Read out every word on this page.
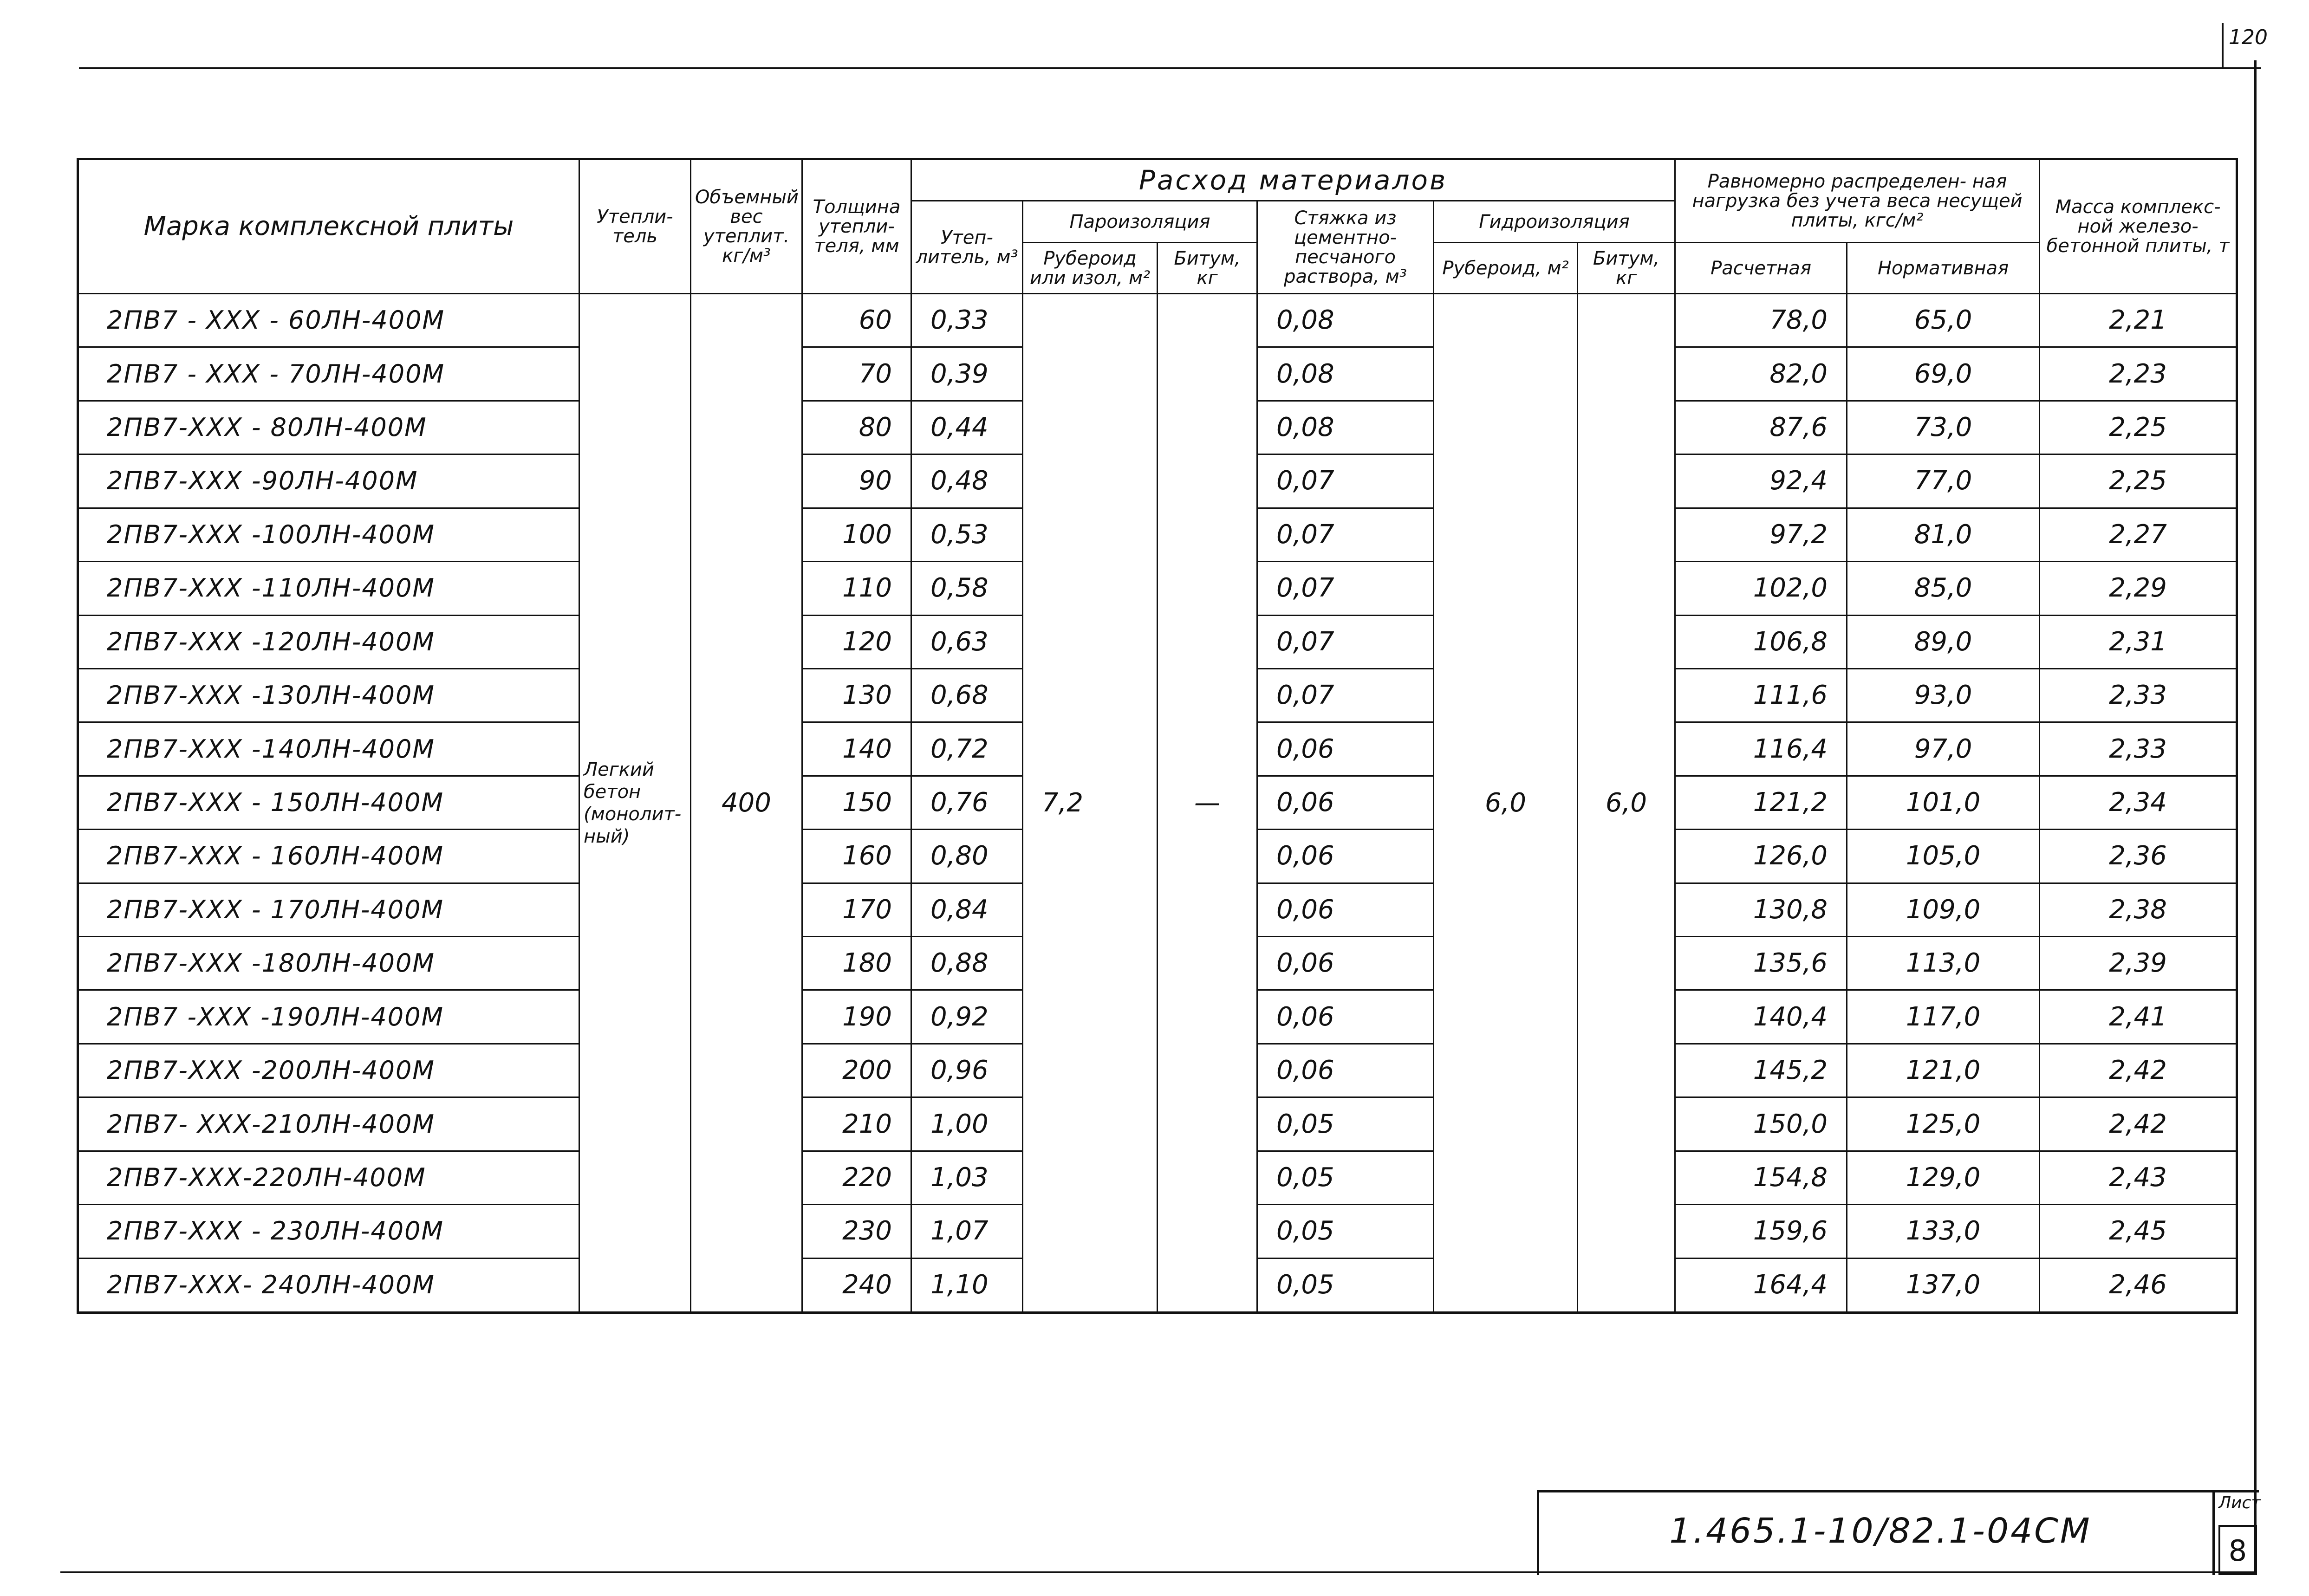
120
Марка комплексной плиты	Утепли- тель	Объемный вес утеплит. кг/м³	Толщина утепли- теля, мм	Расход материалов						Равномерно распределен- ная нагрузка без учета веса несущей плиты, кгс/м²		Масса комплекс- ной железо- бетонной плиты, т
				Утеп- литель, м³	Пароизоляция		Стяжка из цементно- песчаного раствора, м³	Гидроизоляция				
					Рубероид или изол, м²	Битум, кг		Рубероид, м²	Битум, кг	Расчетная	Нормативная	
2ПВ7 - ХХХ - 60ЛН-400М	Легкий бетон (монолит- ный)	400	60	0,33	7,2	—	0,08	6,0	6,0	78,0	65,0	2,21
2ПВ7 - ХХХ - 70ЛН-400М			70	0,39			0,08			82,0	69,0	2,23
2ПВ7-ХХХ - 80ЛН-400М			80	0,44			0,08			87,6	73,0	2,25
2ПВ7-ХХХ -90ЛН-400М			90	0,48			0,07			92,4	77,0	2,25
2ПВ7-ХХХ -100ЛН-400М			100	0,53			0,07			97,2	81,0	2,27
2ПВ7-ХХХ -110ЛН-400М			110	0,58			0,07			102,0	85,0	2,29
2ПВ7-ХХХ -120ЛН-400М			120	0,63			0,07			106,8	89,0	2,31
2ПВ7-ХХХ -130ЛН-400М			130	0,68			0,07			111,6	93,0	2,33
2ПВ7-ХХХ -140ЛН-400М			140	0,72			0,06			116,4	97,0	2,33
2ПВ7-ХХХ - 150ЛН-400М			150	0,76			0,06			121,2	101,0	2,34
2ПВ7-ХХХ - 160ЛН-400М			160	0,80			0,06			126,0	105,0	2,36
2ПВ7-ХХХ - 170ЛН-400М			170	0,84			0,06			130,8	109,0	2,38
2ПВ7-ХХХ -180ЛН-400М			180	0,88			0,06			135,6	113,0	2,39
2ПВ7 -ХХХ -190ЛН-400М			190	0,92			0,06			140,4	117,0	2,41
2ПВ7-ХХХ -200ЛН-400М			200	0,96			0,06			145,2	121,0	2,42
2ПВ7- ХХХ-210ЛН-400М			210	1,00			0,05			150,0	125,0	2,42
2ПВ7-ХХХ-220ЛН-400М			220	1,03			0,05			154,8	129,0	2,43
2ПВ7-ХХХ - 230ЛН-400М			230	1,07			0,05			159,6	133,0	2,45
2ПВ7-ХХХ- 240ЛН-400М			240	1,10			0,05			164,4	137,0	2,46
1.465.1-10/82.1-04СМ
Лист
8
